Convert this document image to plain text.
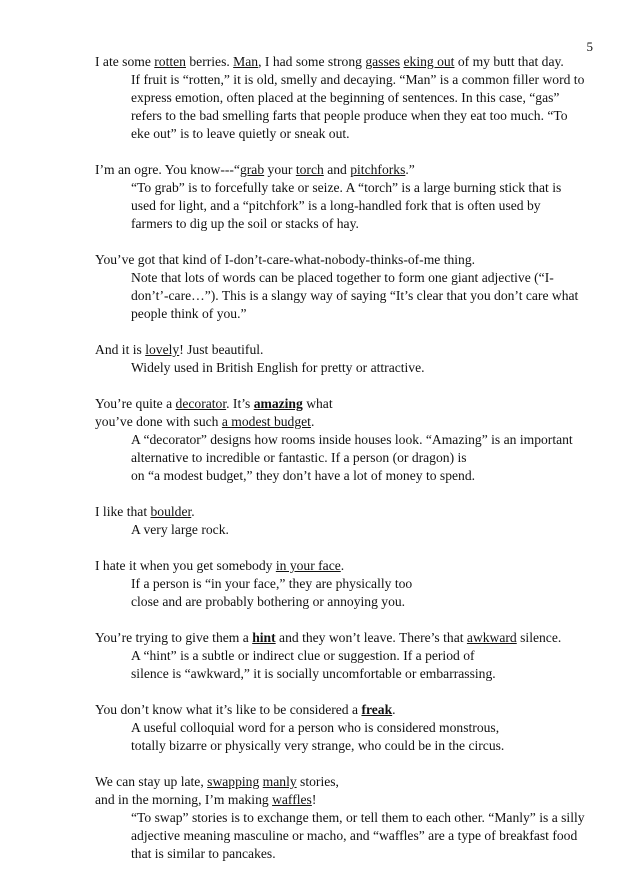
5
I ate some rotten berries. Man, I had some strong gasses eking out of my butt that day.
If fruit is “rotten,” it is old, smelly and decaying. “Man” is a common filler word to
express emotion, often placed at the beginning of sentences. In this case, “gas”
refers to the bad smelling farts that people produce when they eat too much. “To
eke out” is to leave quietly or sneak out.
I’m an ogre. You know---“grab your torch and pitchforks.”
“To grab” is to forcefully take or seize. A “torch” is a large burning stick that is
used for light, and a “pitchfork” is a long-handled fork that is often used by
farmers to dig up the soil or stacks of hay.
You’ve got that kind of I-don’t-care-what-nobody-thinks-of-me thing.
Note that lots of words can be placed together to form one giant adjective (“I-
don’t’-care…”). This is a slangy way of saying “It’s clear that you don’t care what
people think of you.”
And it is lovely! Just beautiful.
Widely used in British English for pretty or attractive.
You’re quite a decorator. It’s amazing what
you’ve done with such a modest budget.
A “decorator” designs how rooms inside houses look. “Amazing” is an important
alternative to incredible or fantastic. If a person (or dragon) is
on “a modest budget,” they don’t have a lot of money to spend.
I like that boulder.
A very large rock.
I hate it when you get somebody in your face.
If a person is “in your face,” they are physically too
close and are probably bothering or annoying you.
You’re trying to give them a hint and they won’t leave. There’s that awkward silence.
A “hint” is a subtle or indirect clue or suggestion. If a period of
silence is “awkward,” it is socially uncomfortable or embarrassing.
You don’t know what it’s like to be considered a freak.
A useful colloquial word for a person who is considered monstrous,
totally bizarre or physically very strange, who could be in the circus.
We can stay up late, swapping manly stories,
and in the morning, I’m making waffles!
“To swap” stories is to exchange them, or tell them to each other. “Manly” is a silly
adjective meaning masculine or macho, and “waffles” are a type of breakfast food
that is similar to pancakes.
